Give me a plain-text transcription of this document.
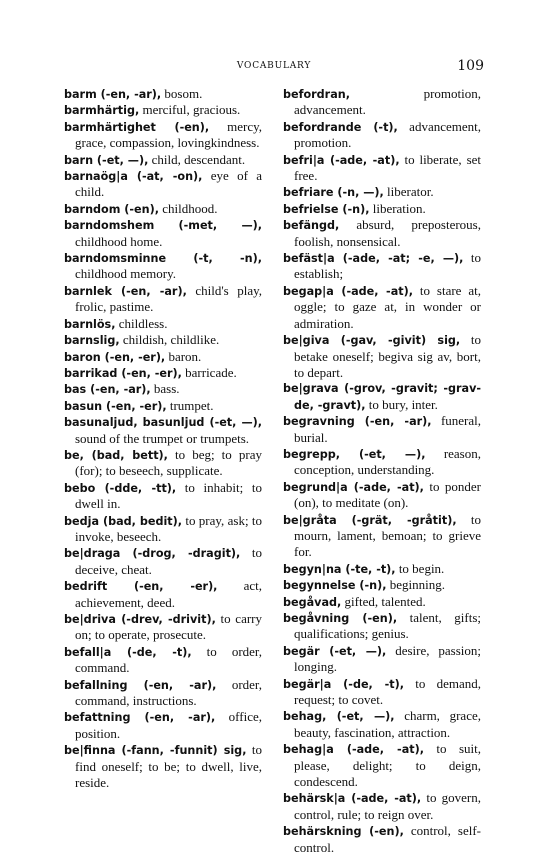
VOCABULARY	109
barm (-en, -ar), bosom.
barmhärtig, merciful, gracious.
barmhärtighet (-en), mercy, grace, compassion, lovingkindness.
barn (-et, —), child, descendant.
barnaög|a (-at, -on), eye of a child.
barndom (-en), childhood.
barndomshem (-met, —), childhood home.
barndomsminne (-t, -n), childhood memory.
barnlek (-en, -ar), child's play, frolic, pastime.
barnlös, childless.
barnslig, childish, childlike.
baron (-en, -er), baron.
barrikad (-en, -er), barricade.
bas (-en, -ar), bass.
basun (-en, -er), trumpet.
basunaljud, basunljud (-et, —), sound of the trumpet or trumpets.
be, (bad, bett), to beg; to pray (for); to beseech, supplicate.
bebo (-dde, -tt), to inhabit; to dwell in.
bedja (bad, bedit), to pray, ask; to invoke, beseech.
be|draga (-drog, -dragit), to deceive, cheat.
bedrift (-en, -er), act, achievement, deed.
be|driva (-drev, -drivit), to carry on; to operate, prosecute.
befall|a (-de, -t), to order, command.
befallning (-en, -ar), order, command, instructions.
befattning (-en, -ar), office, position.
be|finna (-fann, -funnit) sig, to find oneself; to be; to dwell, live, reside.
befordran, promotion, advancement.
befordrande (-t), advancement, promotion.
befri|a (-ade, -at), to liberate, set free.
befriare (-n, —), liberator.
befrielse (-n), liberation.
befängd, absurd, preposterous, foolish, nonsensical.
befäst|a (-ade, -at; -e, —), to establish;
begap|a (-ade, -at), to stare at, oggle; to gaze at, in wonder or admiration.
be|giva (-gav, -givit) sig, to betake oneself; begiva sig av, bort, to depart.
be|grava (-grov, -gravit; -grav-de, -gravt), to bury, inter.
begravning (-en, -ar), funeral, burial.
begrepp, (-et, —), reason, conception, understanding.
begrund|a (-ade, -at), to ponder (on), to meditate (on).
be|gråta (-grät, -gråtit), to mourn, lament, bemoan; to grieve for.
begyn|na (-te, -t), to begin.
begynnelse (-n), beginning.
begåvad, gifted, talented.
begåvning (-en), talent, gifts; qualifications; genius.
begär (-et, —), desire, passion; longing.
begär|a (-de, -t), to demand, request; to covet.
behag, (-et, —), charm, grace, beauty, fascination, attraction.
behag|a (-ade, -at), to suit, please, delight; to deign, condescend.
behärsk|a (-ade, -at), to govern, control, rule; to reign over.
behärskning (-en), control, self-control.
